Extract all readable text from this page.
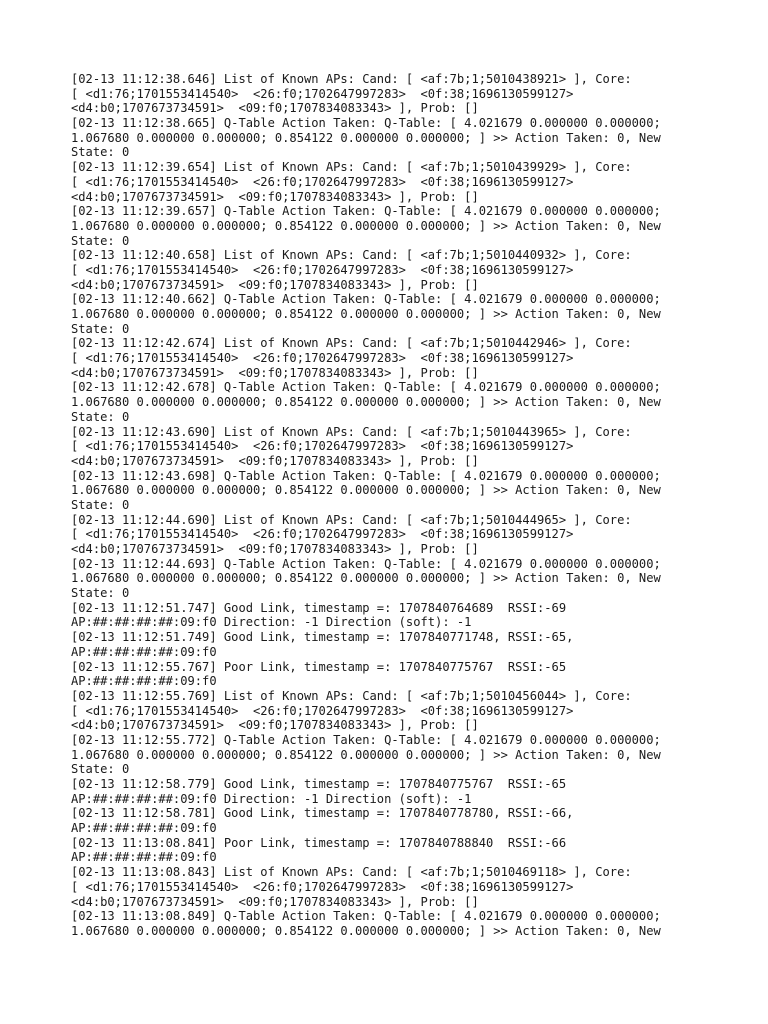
[02-13 11:12:38.646] List of Known APs: Cand: [ <af:7b;1;5010438921> ], Core:
[ <d1:76;1701553414540>  <26:f0;1702647997283>  <0f:38;1696130599127>
<d4:b0;1707673734591>  <09:f0;1707834083343> ], Prob: []
[02-13 11:12:38.665] Q-Table Action Taken: Q-Table: [ 4.021679 0.000000 0.000000;
1.067680 0.000000 0.000000; 0.854122 0.000000 0.000000; ] >> Action Taken: 0, New
State: 0
[02-13 11:12:39.654] List of Known APs: Cand: [ <af:7b;1;5010439929> ], Core:
[ <d1:76;1701553414540>  <26:f0;1702647997283>  <0f:38;1696130599127>
<d4:b0;1707673734591>  <09:f0;1707834083343> ], Prob: []
[02-13 11:12:39.657] Q-Table Action Taken: Q-Table: [ 4.021679 0.000000 0.000000;
1.067680 0.000000 0.000000; 0.854122 0.000000 0.000000; ] >> Action Taken: 0, New
State: 0
[02-13 11:12:40.658] List of Known APs: Cand: [ <af:7b;1;5010440932> ], Core:
[ <d1:76;1701553414540>  <26:f0;1702647997283>  <0f:38;1696130599127>
<d4:b0;1707673734591>  <09:f0;1707834083343> ], Prob: []
[02-13 11:12:40.662] Q-Table Action Taken: Q-Table: [ 4.021679 0.000000 0.000000;
1.067680 0.000000 0.000000; 0.854122 0.000000 0.000000; ] >> Action Taken: 0, New
State: 0
[02-13 11:12:42.674] List of Known APs: Cand: [ <af:7b;1;5010442946> ], Core:
[ <d1:76;1701553414540>  <26:f0;1702647997283>  <0f:38;1696130599127>
<d4:b0;1707673734591>  <09:f0;1707834083343> ], Prob: []
[02-13 11:12:42.678] Q-Table Action Taken: Q-Table: [ 4.021679 0.000000 0.000000;
1.067680 0.000000 0.000000; 0.854122 0.000000 0.000000; ] >> Action Taken: 0, New
State: 0
[02-13 11:12:43.690] List of Known APs: Cand: [ <af:7b;1;5010443965> ], Core:
[ <d1:76;1701553414540>  <26:f0;1702647997283>  <0f:38;1696130599127>
<d4:b0;1707673734591>  <09:f0;1707834083343> ], Prob: []
[02-13 11:12:43.698] Q-Table Action Taken: Q-Table: [ 4.021679 0.000000 0.000000;
1.067680 0.000000 0.000000; 0.854122 0.000000 0.000000; ] >> Action Taken: 0, New
State: 0
[02-13 11:12:44.690] List of Known APs: Cand: [ <af:7b;1;5010444965> ], Core:
[ <d1:76;1701553414540>  <26:f0;1702647997283>  <0f:38;1696130599127>
<d4:b0;1707673734591>  <09:f0;1707834083343> ], Prob: []
[02-13 11:12:44.693] Q-Table Action Taken: Q-Table: [ 4.021679 0.000000 0.000000;
1.067680 0.000000 0.000000; 0.854122 0.000000 0.000000; ] >> Action Taken: 0, New
State: 0
[02-13 11:12:51.747] Good Link, timestamp =: 1707840764689  RSSI:-69
AP:##:##:##:##:09:f0 Direction: -1 Direction (soft): -1
[02-13 11:12:51.749] Good Link, timestamp =: 1707840771748, RSSI:-65,
AP:##:##:##:##:09:f0
[02-13 11:12:55.767] Poor Link, timestamp =: 1707840775767  RSSI:-65
AP:##:##:##:##:09:f0
[02-13 11:12:55.769] List of Known APs: Cand: [ <af:7b;1;5010456044> ], Core:
[ <d1:76;1701553414540>  <26:f0;1702647997283>  <0f:38;1696130599127>
<d4:b0;1707673734591>  <09:f0;1707834083343> ], Prob: []
[02-13 11:12:55.772] Q-Table Action Taken: Q-Table: [ 4.021679 0.000000 0.000000;
1.067680 0.000000 0.000000; 0.854122 0.000000 0.000000; ] >> Action Taken: 0, New
State: 0
[02-13 11:12:58.779] Good Link, timestamp =: 1707840775767  RSSI:-65
AP:##:##:##:##:09:f0 Direction: -1 Direction (soft): -1
[02-13 11:12:58.781] Good Link, timestamp =: 1707840778780, RSSI:-66,
AP:##:##:##:##:09:f0
[02-13 11:13:08.841] Poor Link, timestamp =: 1707840788840  RSSI:-66
AP:##:##:##:##:09:f0
[02-13 11:13:08.843] List of Known APs: Cand: [ <af:7b;1;5010469118> ], Core:
[ <d1:76;1701553414540>  <26:f0;1702647997283>  <0f:38;1696130599127>
<d4:b0;1707673734591>  <09:f0;1707834083343> ], Prob: []
[02-13 11:13:08.849] Q-Table Action Taken: Q-Table: [ 4.021679 0.000000 0.000000;
1.067680 0.000000 0.000000; 0.854122 0.000000 0.000000; ] >> Action Taken: 0, New
